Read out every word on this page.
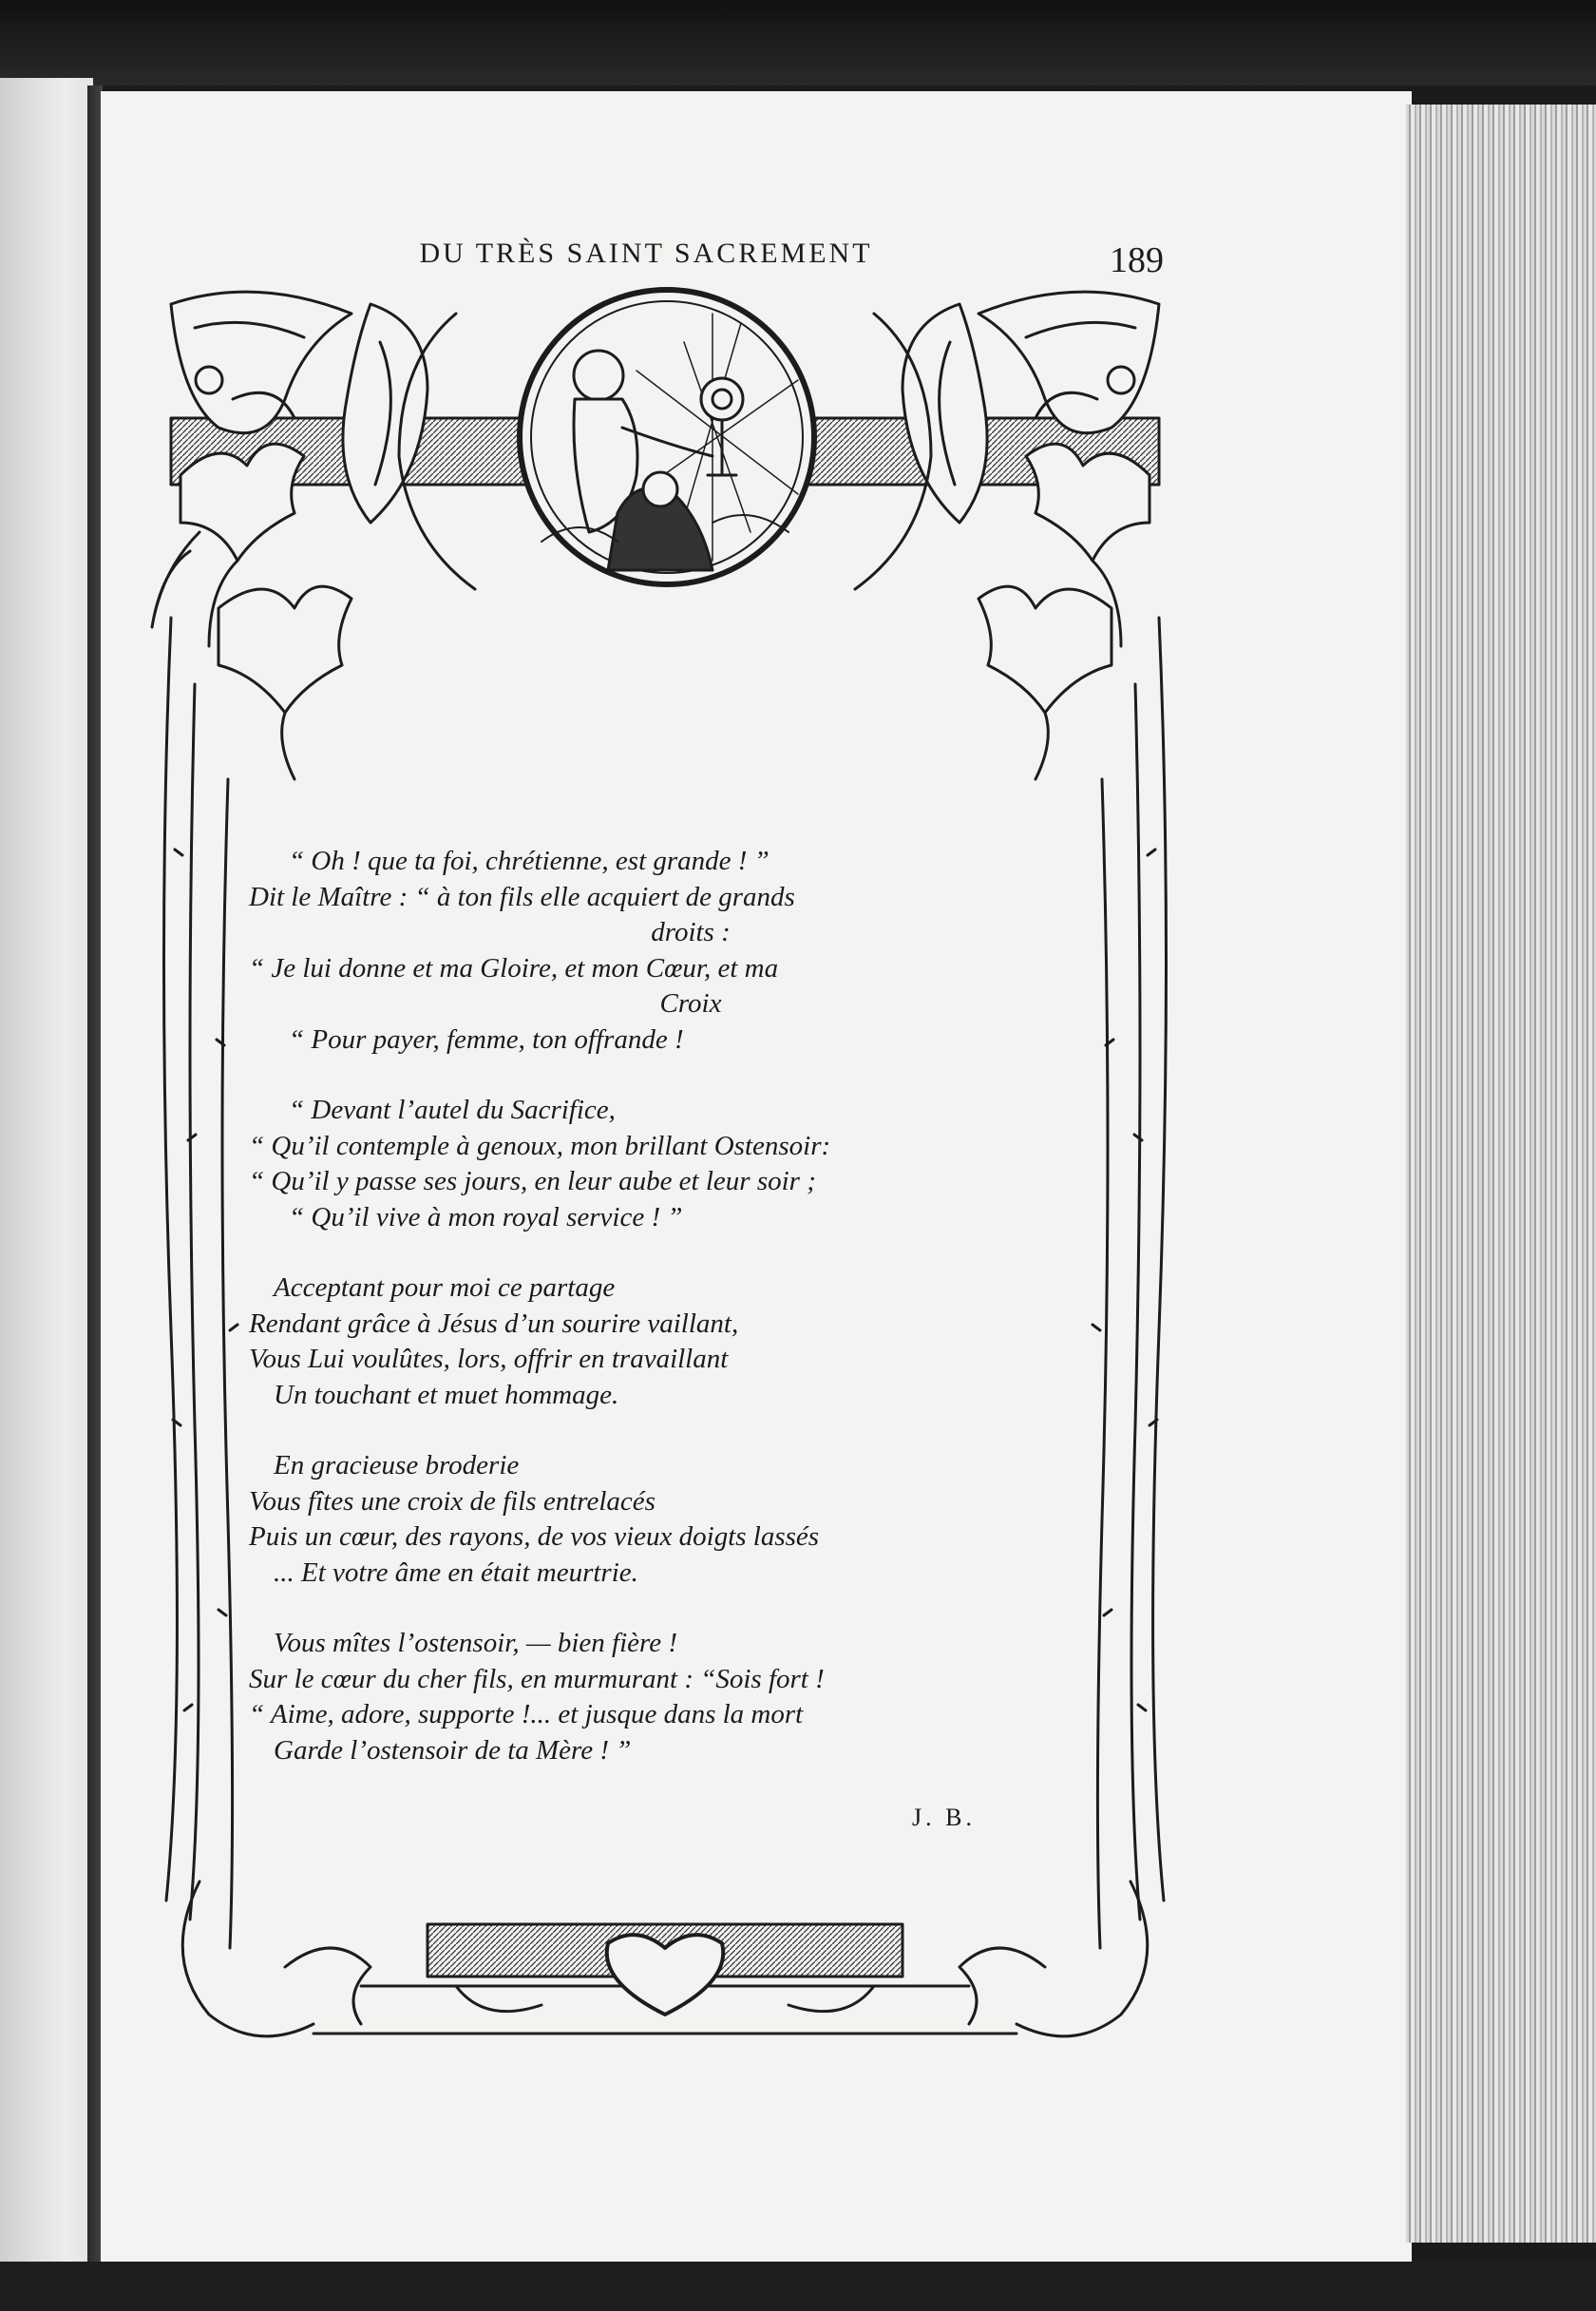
DU TRÈS SAINT SACREMENT	189
“ Oh ! que ta foi, chrétienne, est grande ! ”
Dit le Maître : “ à ton fils elle acquiert de grands
droits :
“ Je lui donne et ma Gloire, et mon Cœur, et ma
Croix
“ Pour payer, femme, ton offrande !
“ Devant l’autel du Sacrifice,
“ Qu’il contemple à genoux, mon brillant Ostensoir:
“ Qu’il y passe ses jours, en leur aube et leur soir ;
“ Qu’il vive à mon royal service ! ”
Acceptant pour moi ce partage
Rendant grâce à Jésus d’un sourire vaillant,
Vous Lui voulûtes, lors, offrir en travaillant
Un touchant et muet hommage.
En gracieuse broderie
Vous fîtes une croix de fils entrelacés
Puis un cœur, des rayons, de vos vieux doigts lassés
... Et votre âme en était meurtrie.
Vous mîtes l’ostensoir, — bien fière !
Sur le cœur du cher fils, en murmurant : “Sois fort !
“ Aime, adore, supporte !... et jusque dans la mort
Garde l’ostensoir de ta Mère ! ”
J. B.
